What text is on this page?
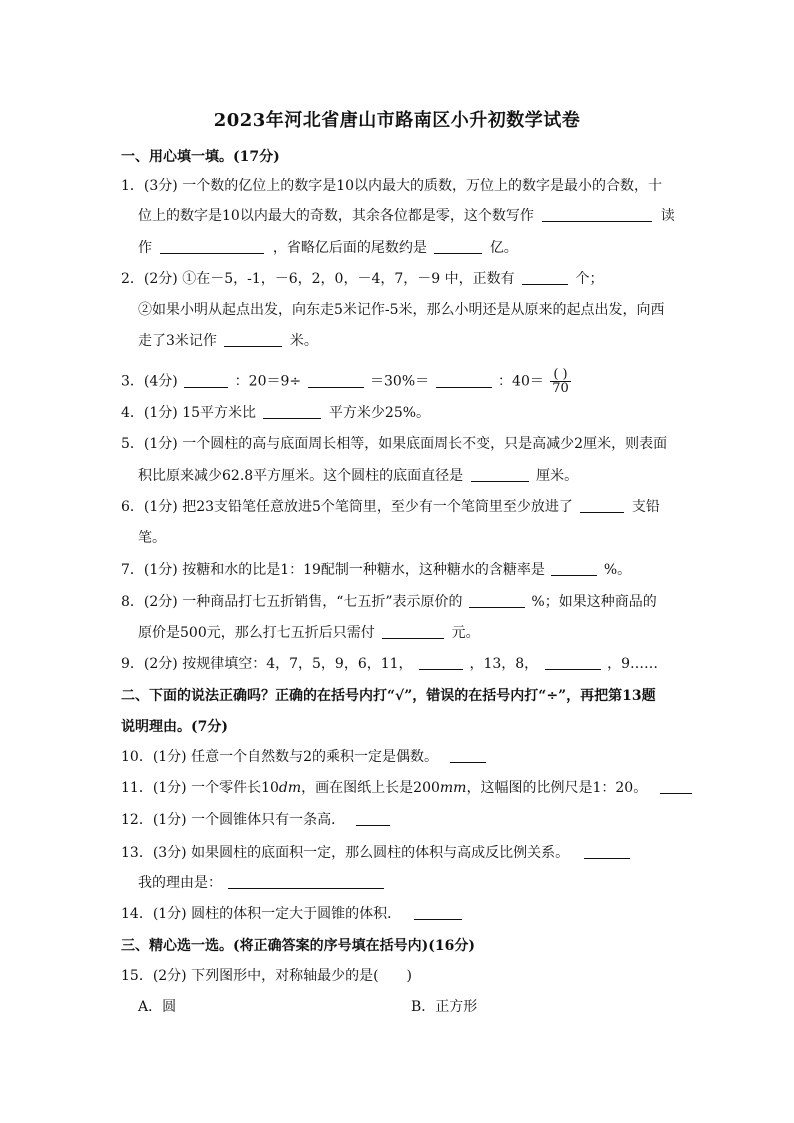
2023年河北省唐山市路南区小升初数学试卷
一、用心填一填。(17分)
1．(3分) 一个数的亿位上的数字是10以内最大的质数，万位上的数字是最小的合数，十
位上的数字是10以内最大的奇数，其余各位都是零，这个数写作	读
作	，省略亿后面的尾数约是	亿。
2．(2分) ①在－5，-1，－6，2，0，－4，7，－9 中，正数有	个；
②如果小明从起点出发，向东走5米记作-5米，那么小明还是从原来的起点出发，向西
走了3米记作	米。
3．(4分)	：20＝9÷	＝30%＝	：$40= \frac{( )}{70}$
4．(1分) 15平方米比	平方米少25%。
5．(1分) 一个圆柱的高与底面周长相等，如果底面周长不变，只是高减少2厘米，则表面
积比原来减少62.8平方厘米。这个圆柱的底面直径是	厘米。
6．(1分) 把23支铅笔任意放进5个笔筒里，至少有一个笔筒里至少放进了	支铅
笔。
7．(1分) 按糖和水的比是1：19配制一种糖水，这种糖水的含糖率是	%。
8．(2分) 一种商品打七五折销售，“七五折”表示原价的	%；如果这种商品的
原价是500元，那么打七五折后只需付	元。
9．(2分) 按规律填空：4，7，5，9，6，11，	，13，8，	，9……
二、下面的说法正确吗？正确的在括号内打“√”，错误的在括号内打“÷”，再把第13题
说明理由。(7分)
10．(1分) 任意一个自然数与2的乘积一定是偶数。
11．(1分) 一个零件长10dm，画在图纸上长是200mm，这幅图的比例尺是1：20。
12．(1分) 一个圆锥体只有一条高．
13．(3分) 如果圆柱的底面积一定，那么圆柱的体积与高成反比例关系。
我的理由是：
14．(1分) 圆柱的体积一定大于圆锥的体积．
三、精心选一选。(将正确答案的序号填在括号内)(16分)
15．(2分) 下列图形中，对称轴最少的是(　　)
A．圆	B．正方形
